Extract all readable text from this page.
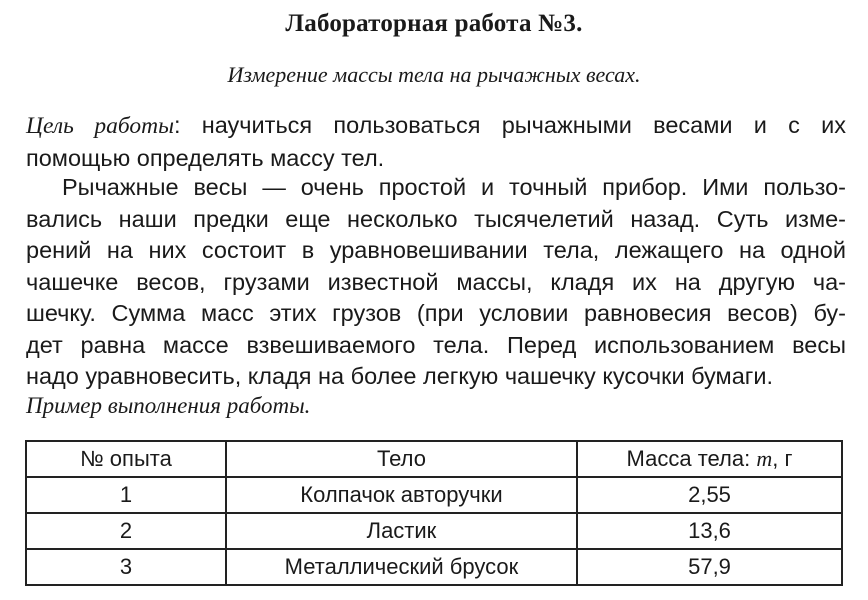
Лабораторная работа №3.
Измерение массы тела на рычажных весах.
Цель работы: научиться пользоваться рычажными весами и с их
помощью определять массу тел.
Рычажные весы — очень простой и точный прибор. Ими пользо-
вались наши предки еще несколько тысячелетий назад. Суть изме-
рений на них состоит в уравновешивании тела, лежащего на одной
чашечке весов, грузами известной массы, кладя их на другую ча-
шечку. Сумма масс этих грузов (при условии равновесия весов) бу-
дет равна массе взвешиваемого тела. Перед использованием весы
надо уравновесить, кладя на более легкую чашечку кусочки бумаги.
Пример выполнения работы.
№ опыта	Тело	Масса тела: m, г
1	Колпачок авторучки	2,55
2	Ластик	13,6
3	Металлический брусок	57,9
